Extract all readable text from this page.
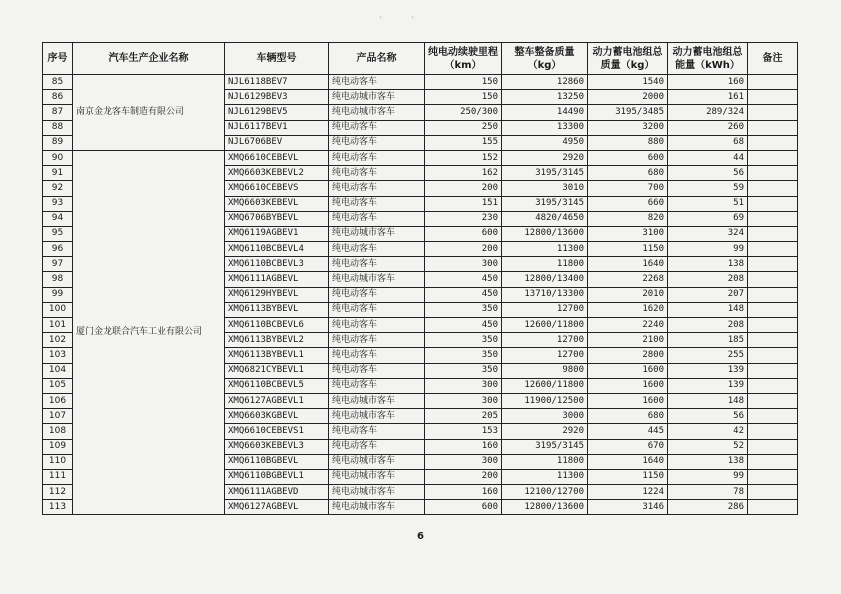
'	'
序号	汽车生产企业名称	车辆型号	产品名称	纯电动续驶里程（km）	整车整备质量（kg）	动力蓄电池组总质量（kg）	动力蓄电池组总能量（kWh）	备注
85	南京金龙客车制造有限公司	NJL6118BEV7	纯电动客车	150	12860	1540	160	
86		NJL6129BEV3	纯电动城市客车	150	13250	2000	161	
87		NJL6129BEV5	纯电动城市客车	250/300	14490	3195/3485	289/324	
88		NJL6117BEV1	纯电动客车	250	13300	3200	260	
89		NJL6706BEV	纯电动客车	155	4950	880	68	
90	厦门金龙联合汽车工业有限公司	XMQ6610CEBEVL	纯电动客车	152	2920	600	44	
91		XMQ6603KEBEVL2	纯电动客车	162	3195/3145	680	56	
92		XMQ6610CEBEVS	纯电动客车	200	3010	700	59	
93		XMQ6603KEBEVL	纯电动客车	151	3195/3145	660	51	
94		XMQ6706BYBEVL	纯电动客车	230	4820/4650	820	69	
95		XMQ6119AGBEV1	纯电动城市客车	600	12800/13600	3100	324	
96		XMQ6110BCBEVL4	纯电动客车	200	11300	1150	99	
97		XMQ6110BCBEVL3	纯电动客车	300	11800	1640	138	
98		XMQ6111AGBEVL	纯电动城市客车	450	12800/13400	2268	208	
99		XMQ6129HYBEVL	纯电动客车	450	13710/13300	2010	207	
100		XMQ6113BYBEVL	纯电动客车	350	12700	1620	148	
101		XMQ6110BCBEVL6	纯电动客车	450	12600/11800	2240	208	
102		XMQ6113BYBEVL2	纯电动客车	350	12700	2100	185	
103		XMQ6113BYBEVL1	纯电动客车	350	12700	2800	255	
104		XMQ6821CYBEVL1	纯电动客车	350	9800	1600	139	
105		XMQ6110BCBEVL5	纯电动客车	300	12600/11800	1600	139	
106		XMQ6127AGBEVL1	纯电动城市客车	300	11900/12500	1600	148	
107		XMQ6603KGBEVL	纯电动城市客车	205	3000	680	56	
108		XMQ6610CEBEVS1	纯电动客车	153	2920	445	42	
109		XMQ6603KEBEVL3	纯电动客车	160	3195/3145	670	52	
110		XMQ6110BGBEVL	纯电动城市客车	300	11800	1640	138	
111		XMQ6110BGBEVL1	纯电动城市客车	200	11300	1150	99	
112		XMQ6111AGBEVD	纯电动城市客车	160	12100/12700	1224	78	
113		XMQ6127AGBEVL	纯电动城市客车	600	12800/13600	3146	286	
6
